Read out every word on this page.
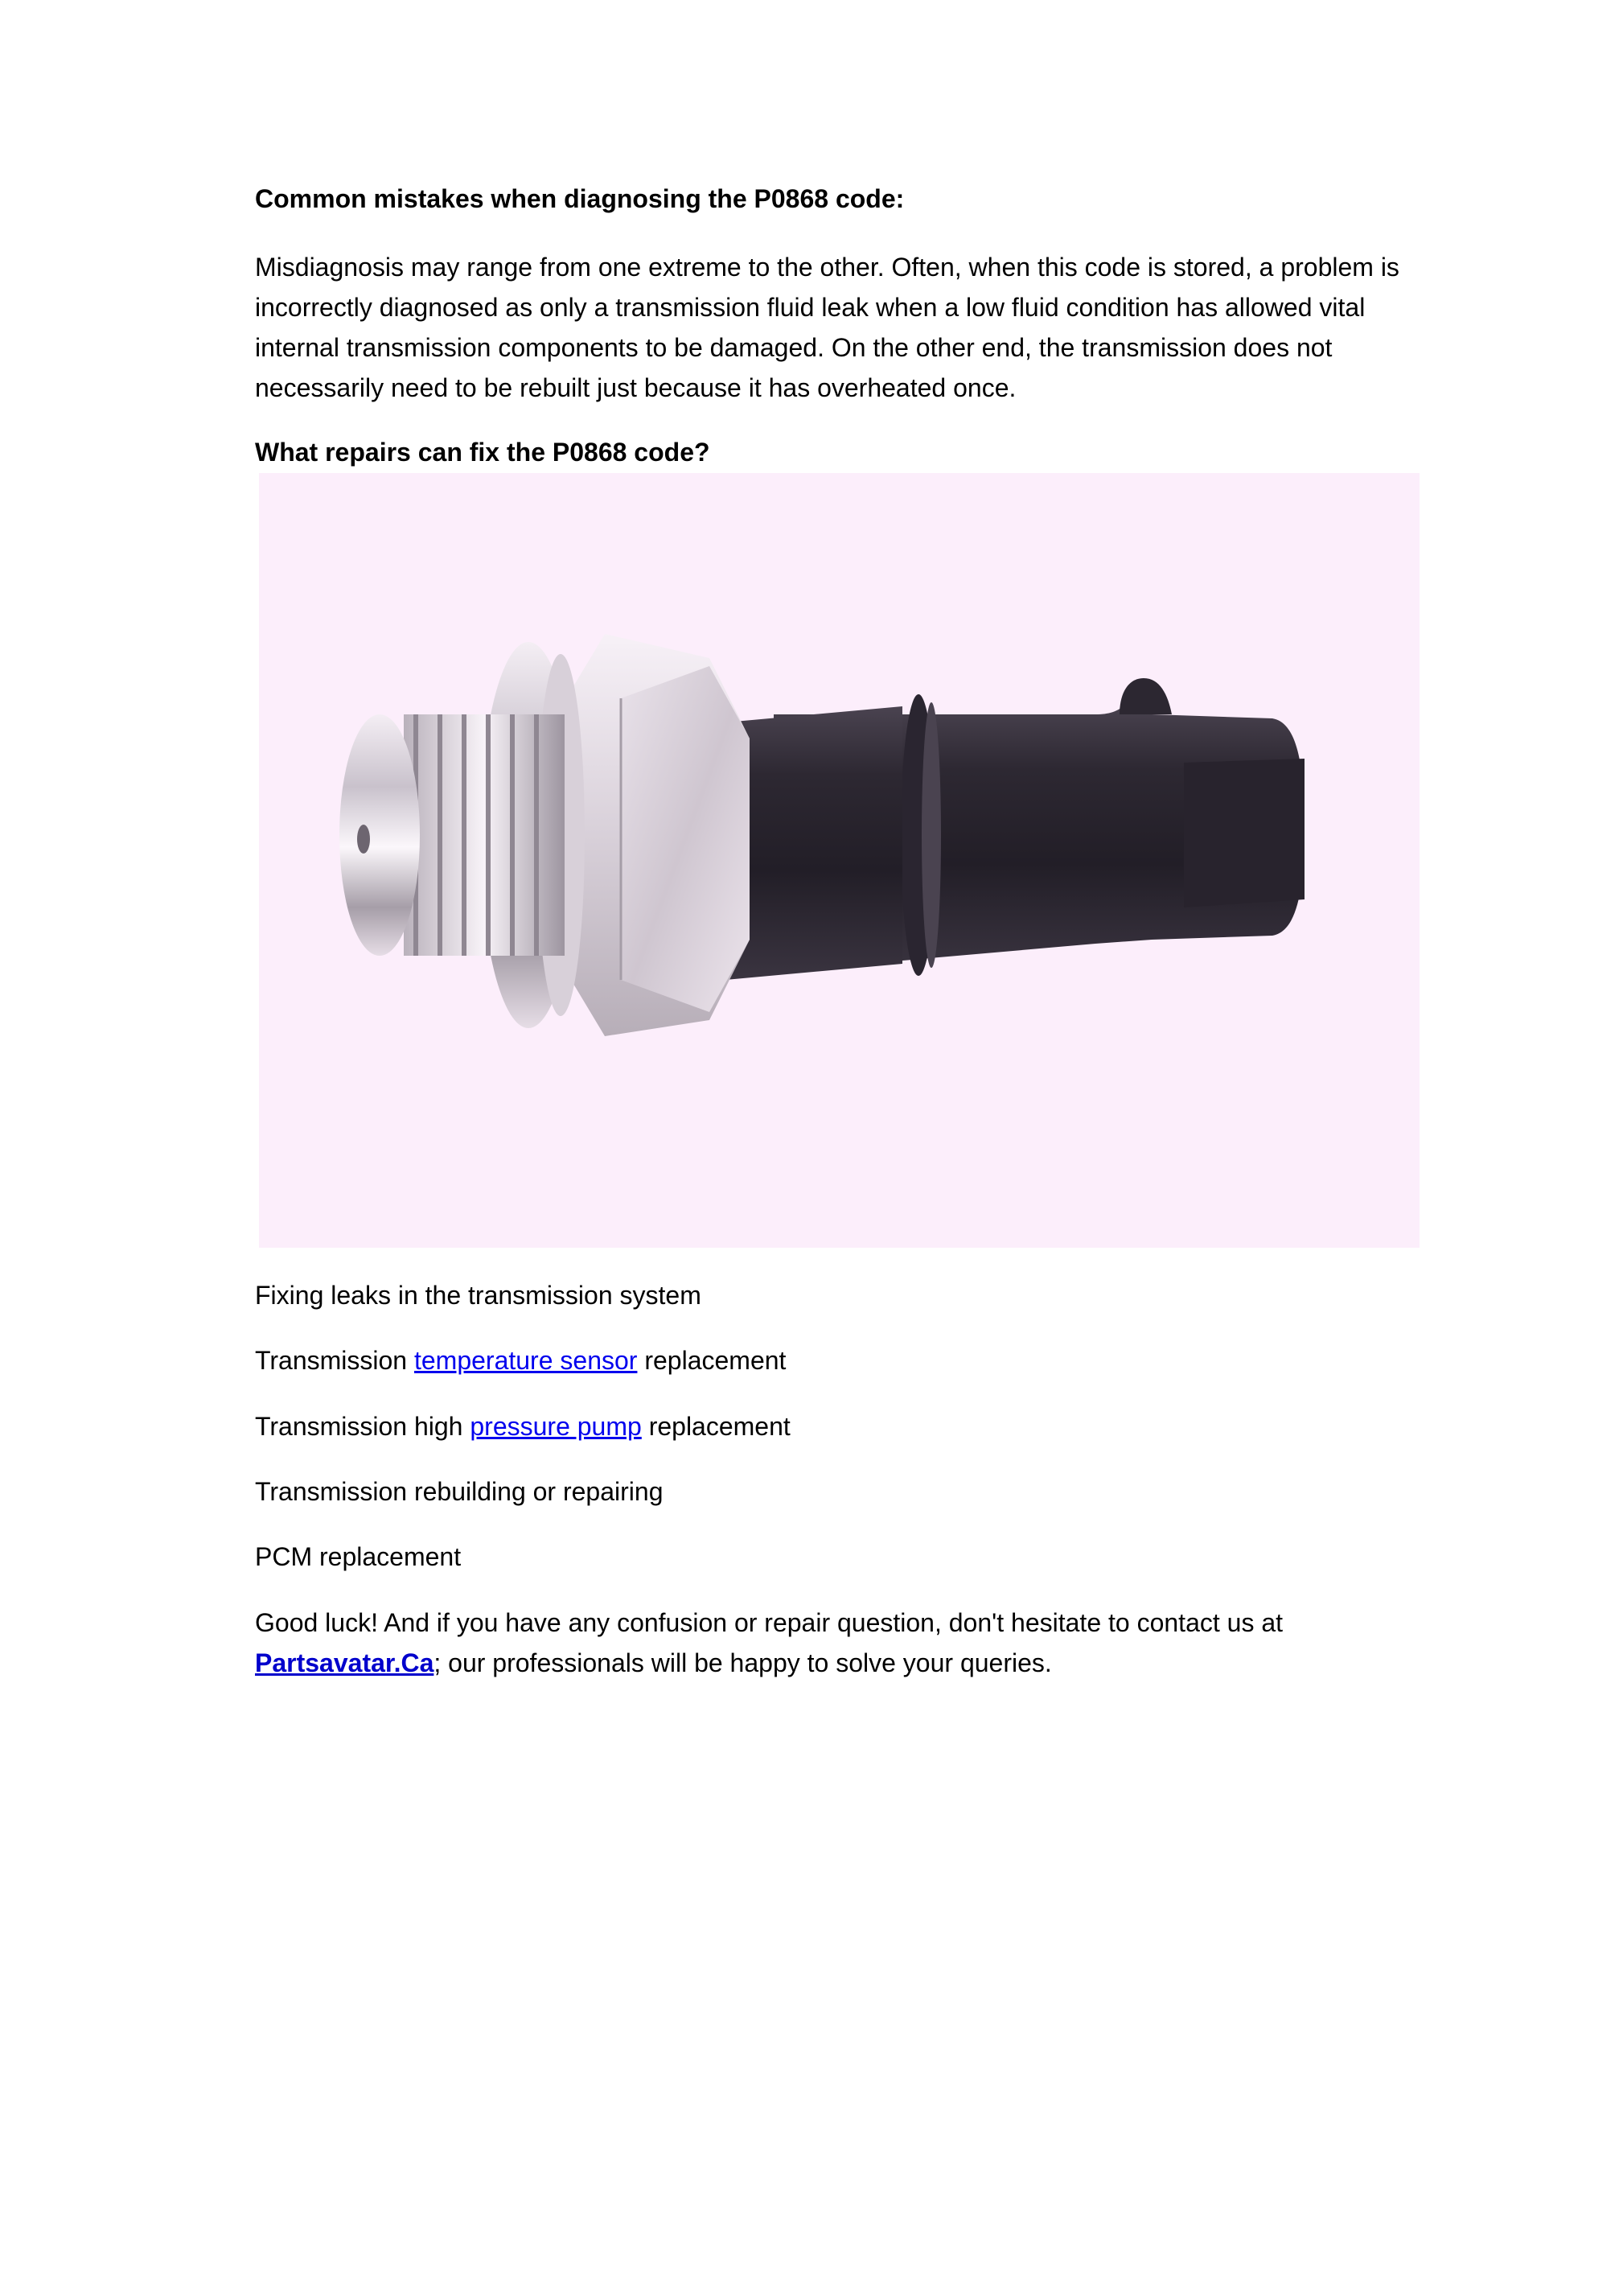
Common mistakes when diagnosing the P0868 code:

Misdiagnosis may range from one extreme to the other. Often, when this code is stored, a problem is incorrectly diagnosed as only a transmission fluid leak when a low fluid condition has allowed vital internal transmission components to be damaged. On the other end, the transmission does not necessarily need to be rebuilt just because it has overheated once.

What repairs can fix the P0868 code?

Fixing leaks in the transmission system
Transmission temperature sensor replacement
Transmission high pressure pump replacement
Transmission rebuilding or repairing
PCM replacement

Good luck! And if you have any confusion or repair question, don't hesitate to contact us at Partsavatar.Ca; our professionals will be happy to solve your queries.
